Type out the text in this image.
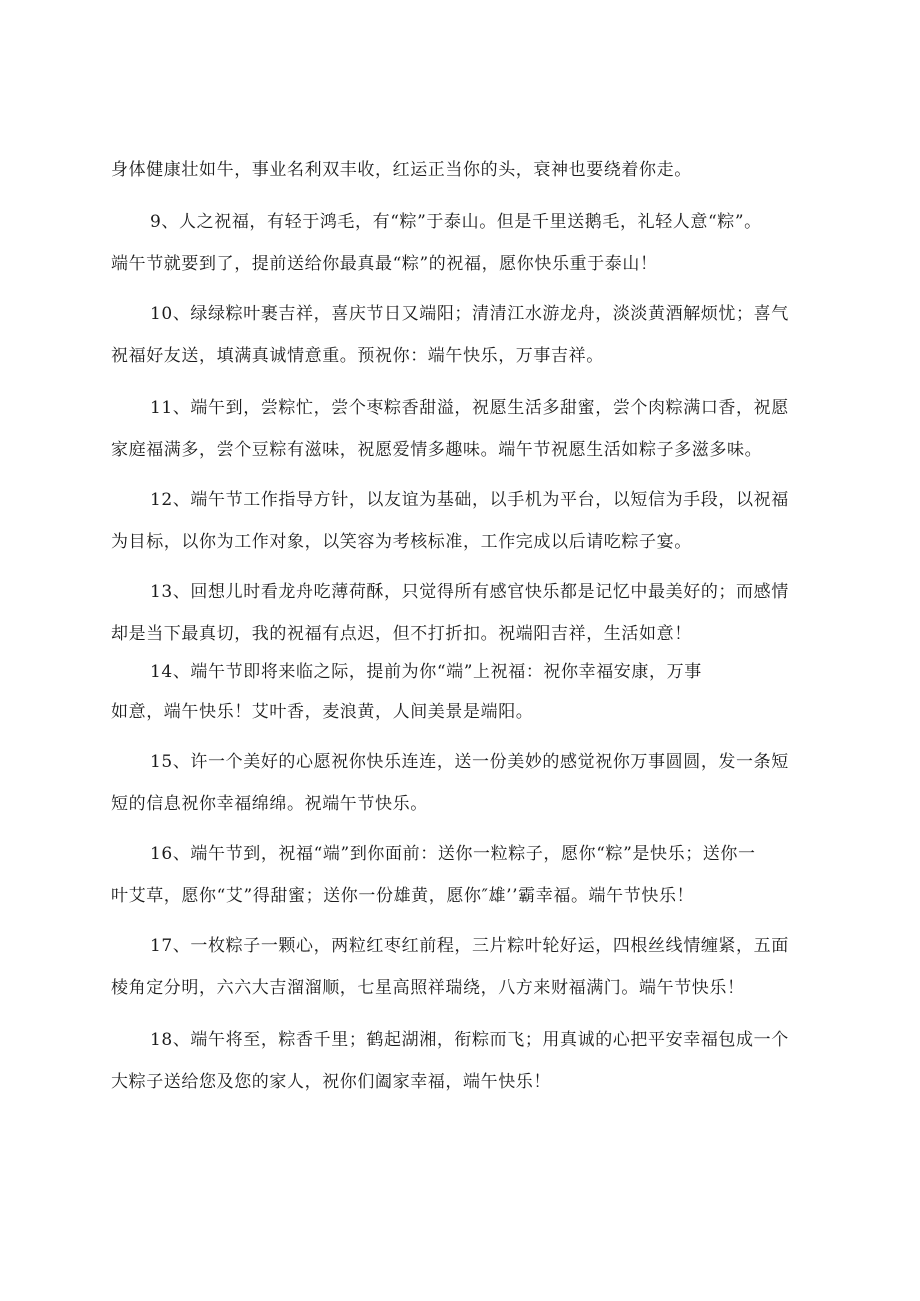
身体健康壮如牛，事业名利双丰收，红运正当你的头，衰神也要绕着你走。
9、人之祝福，有轻于鸿毛，有“粽”于泰山。但是千里送鹅毛，礼轻人意“粽”。
端午节就要到了，提前送给你最真最“粽”的祝福，愿你快乐重于泰山！
10、绿绿粽叶裹吉祥，喜庆节日又端阳；清清江水游龙舟，淡淡黄酒解烦忧；喜气
祝福好友送，填满真诚情意重。预祝你：端午快乐，万事吉祥。
11、端午到，尝粽忙，尝个枣粽香甜溢，祝愿生活多甜蜜，尝个肉粽满口香，祝愿
家庭福满多，尝个豆粽有滋味，祝愿爱情多趣味。端午节祝愿生活如粽子多滋多味。
12、端午节工作指导方针，以友谊为基础，以手机为平台，以短信为手段，以祝福
为目标，以你为工作对象，以笑容为考核标准，工作完成以后请吃粽子宴。
13、回想儿时看龙舟吃薄荷酥，只觉得所有感官快乐都是记忆中最美好的；而感情
却是当下最真切，我的祝福有点迟，但不打折扣。祝端阳吉祥，生活如意！
14、端午节即将来临之际，提前为你“端”上祝福：祝你幸福安康，万事
如意，端午快乐！艾叶香，麦浪黄，人间美景是端阳。
15、许一个美好的心愿祝你快乐连连，送一份美妙的感觉祝你万事圆圆，发一条短
短的信息祝你幸福绵绵。祝端午节快乐。
16、端午节到，祝福“端”到你面前：送你一粒粽子，愿你“粽”是快乐；送你一
叶艾草，愿你“艾”得甜蜜；送你一份雄黄，愿你″雄’’霸幸福。端午节快乐！
17、一枚粽子一颗心，两粒红枣红前程，三片粽叶轮好运，四根丝线情缠紧，五面
棱角定分明，六六大吉溜溜顺，七星高照祥瑞绕，八方来财福满门。端午节快乐！
18、端午将至，粽香千里；鹤起湖湘，衔粽而飞；用真诚的心把平安幸福包成一个
大粽子送给您及您的家人，祝你们阖家幸福，端午快乐！
